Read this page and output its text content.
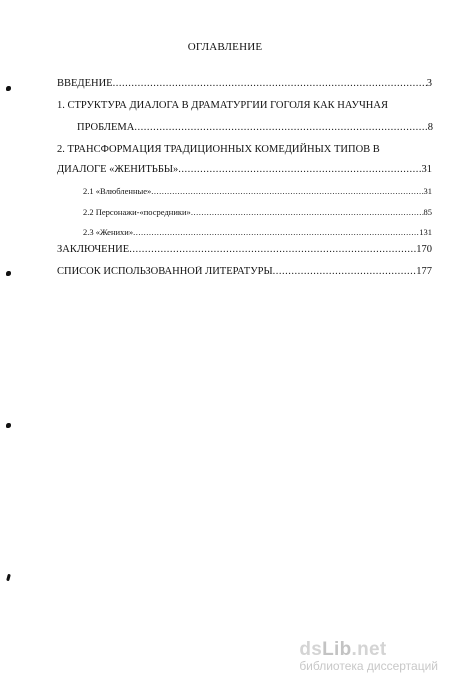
ОГЛАВЛЕНИЕ
ВВЕДЕНИЕ .....	3
1. СТРУКТУРА ДИАЛОГА В ДРАМАТУРГИИ ГОГОЛЯ КАК НАУЧНАЯ
ПРОБЛЕМА .....	8
2. ТРАНСФОРМАЦИЯ ТРАДИЦИОННЫХ КОМЕДИЙНЫХ ТИПОВ В
ДИАЛОГЕ «ЖЕНИТЬБЫ» .....	31
2.1 «Влюбленные» .....	31
2.2 Персонажи-«посредники» .....	85
2.3 «Женихи» .....	131
ЗАКЛЮЧЕНИЕ .....	170
СПИСОК ИСПОЛЬЗОВАННОЙ ЛИТЕРАТУРЫ .....	177
dsLib.net
библиотека диссертаций
